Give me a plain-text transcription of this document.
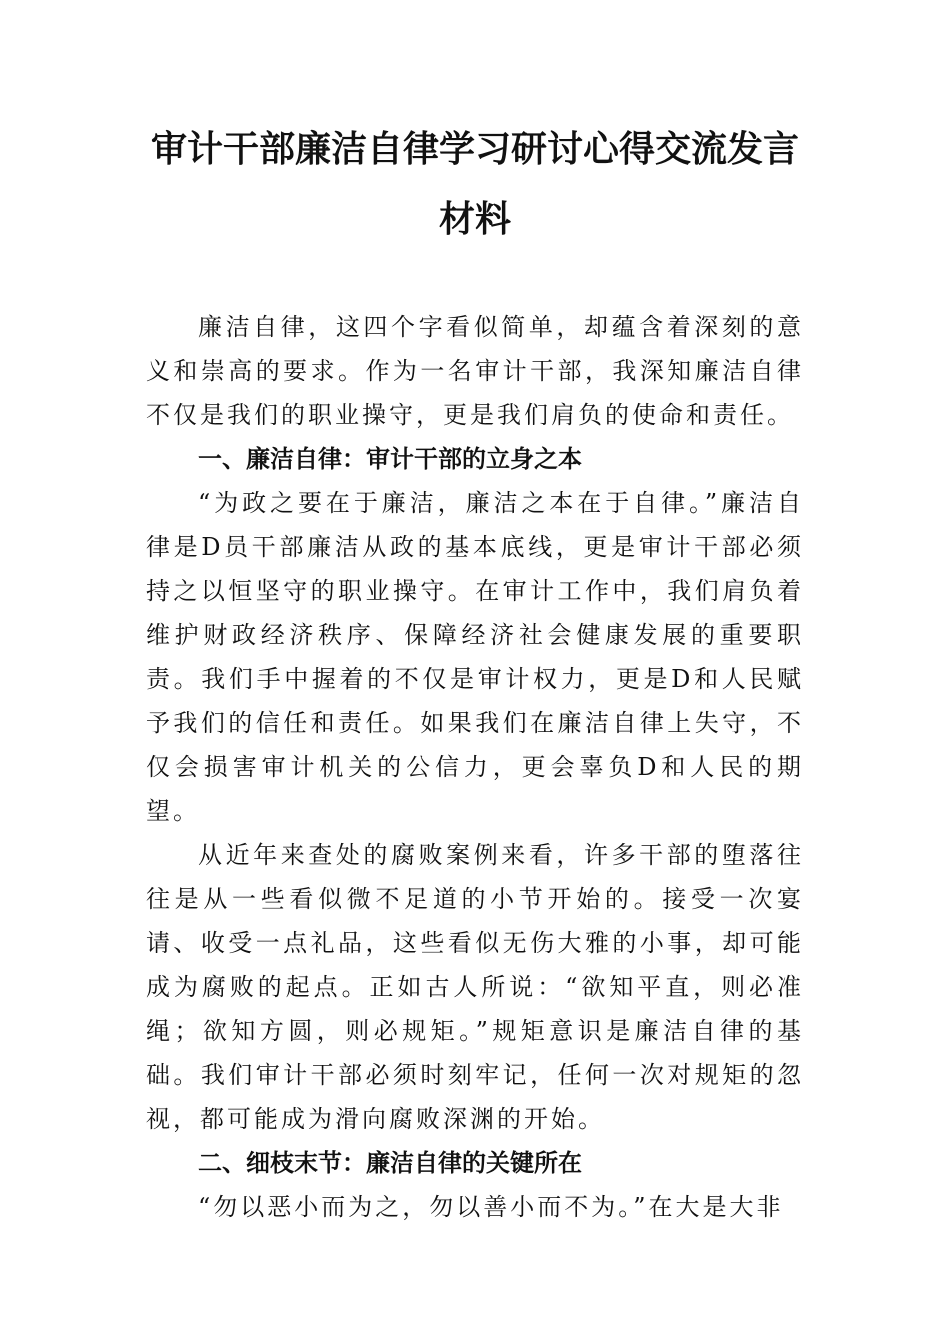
审计干部廉洁自律学习研讨心得交流发言
材料

廉洁自律，这四个字看似简单，却蕴含着深刻的意义和崇高的要求。作为一名审计干部，我深知廉洁自律不仅是我们的职业操守，更是我们肩负的使命和责任。

一、廉洁自律：审计干部的立身之本

“为政之要在于廉洁，廉洁之本在于自律。”廉洁自律是D员干部廉洁从政的基本底线，更是审计干部必须持之以恒坚守的职业操守。在审计工作中，我们肩负着维护财政经济秩序、保障经济社会健康发展的重要职责。我们手中握着的不仅是审计权力，更是D和人民赋予我们的信任和责任。如果我们在廉洁自律上失守，不仅会损害审计机关的公信力，更会辜负D和人民的期望。

从近年来查处的腐败案例来看，许多干部的堕落往往是从一些看似微不足道的小节开始的。接受一次宴请、收受一点礼品，这些看似无伤大雅的小事，却可能成为腐败的起点。正如古人所说：“欲知平直，则必准绳；欲知方圆，则必规矩。”规矩意识是廉洁自律的基础。我们审计干部必须时刻牢记，任何一次对规矩的忽视，都可能成为滑向腐败深渊的开始。

二、细枝末节：廉洁自律的关键所在

“勿以恶小而为之，勿以善小而不为。”在大是大非
